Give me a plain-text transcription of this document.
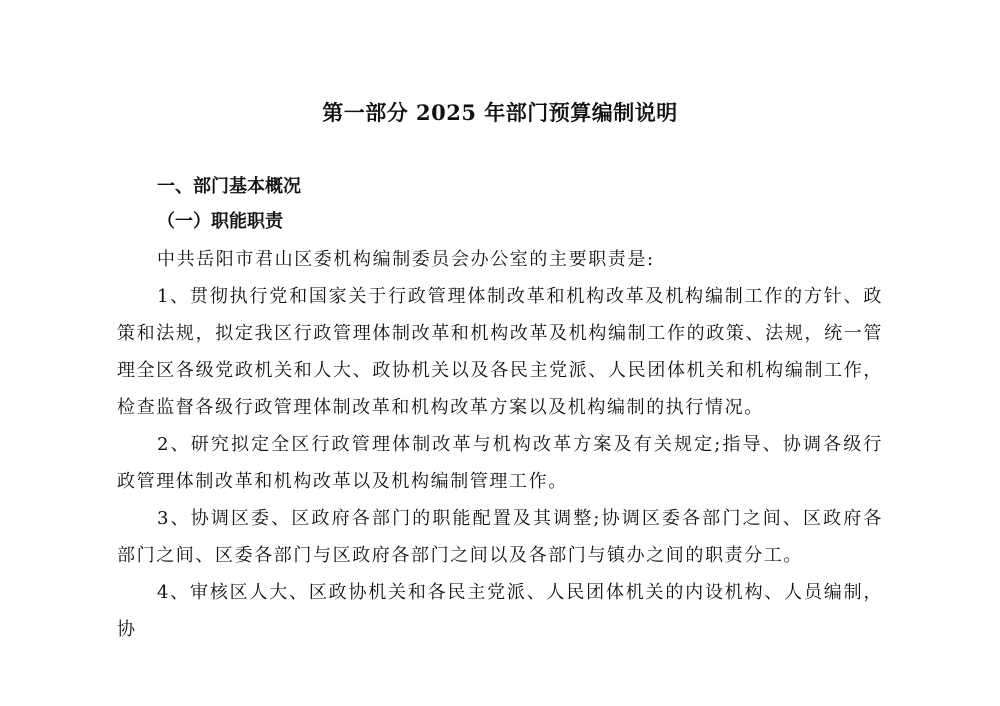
第一部分 2025 年部门预算编制说明
一、部门基本概况
（一）职能职责

中共岳阳市君山区委机构编制委员会办公室的主要职责是:

1、贯彻执行党和国家关于行政管理体制改革和机构改革及机构编制工作的方针、政策和法规，拟定我区行政管理体制改革和机构改革及机构编制工作的政策、法规，统一管理全区各级党政机关和人大、政协机关以及各民主党派、人民团体机关和机构编制工作，检查监督各级行政管理体制改革和机构改革方案以及机构编制的执行情况。

2、研究拟定全区行政管理体制改革与机构改革方案及有关规定;指导、协调各级行政管理体制改革和机构改革以及机构编制管理工作。

3、协调区委、区政府各部门的职能配置及其调整;协调区委各部门之间、区政府各部门之间、区委各部门与区政府各部门之间以及各部门与镇办之间的职责分工。

4、审核区人大、区政协机关和各民主党派、人民团体机关的内设机构、人员编制，协
